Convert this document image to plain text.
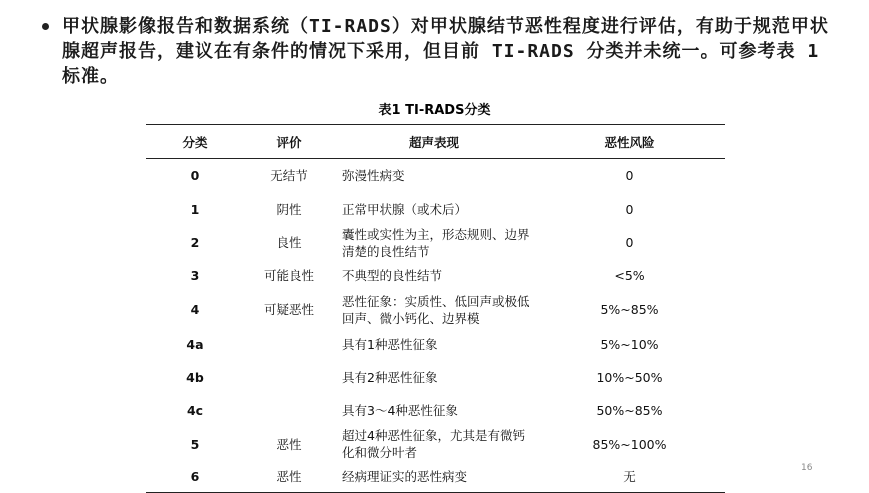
甲状腺影像报告和数据系统（TI-RADS）对甲状腺结节恶性程度进行评估，有助于规范甲状腺超声报告，建议在有条件的情况下采用，但目前 TI-RADS 分类并未统一。可参考表 1 标准。
表1 TI-RADS分类
分类	评价	超声表现	恶性风险
0	无结节	弥漫性病变	0
1	阴性	正常甲状腺（或术后）	0
2	良性	囊性或实性为主，形态规则、边界清楚的良性结节	0
3	可能良性	不典型的良性结节	<5%
4	可疑恶性	恶性征象：实质性、低回声或极低回声、微小钙化、边界模	5%~85%
4a		具有1种恶性征象	5%~10%
4b		具有2种恶性征象	10%~50%
4c		具有3～4种恶性征象	50%~85%
5	恶性	超过4种恶性征象，尤其是有微钙化和微分叶者	85%~100%
6	恶性	经病理证实的恶性病变	无
16
